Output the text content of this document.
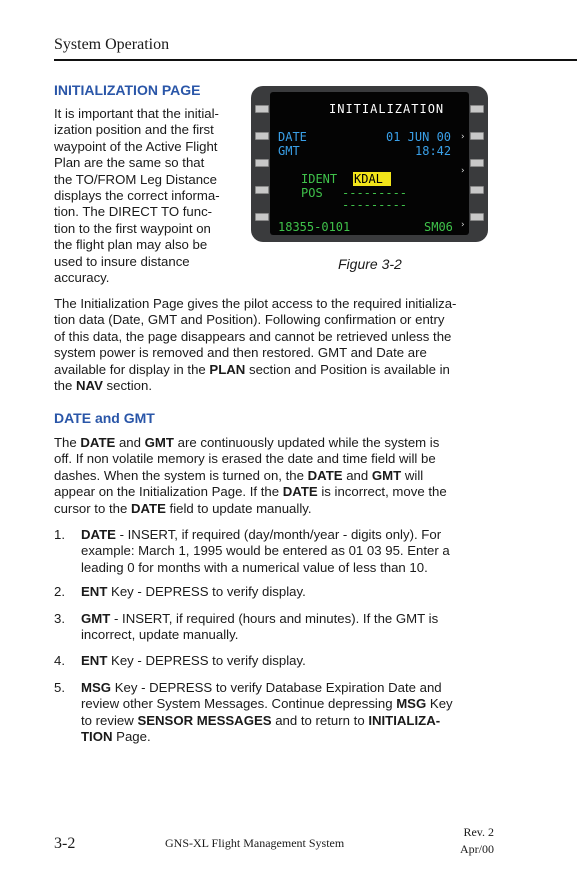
System Operation
INITIALIZATION PAGE
It is important that the initial-
ization position and the first
waypoint of the Active Flight
Plan are the same so that
the TO/FROM Leg Distance
displays the correct informa-
tion. The DIRECT TO func-
tion to the first waypoint on
the flight plan may also be
used to insure distance
accuracy.
INITIALIZATION
DATE	01 JUN 00
GMT	18:42
IDENT KDAL
POS ---------
---------
18355-0101	SM06
›
›
›
Figure 3-2
The Initialization Page gives the pilot access to the required initializa-
tion data (Date, GMT and Position). Following confirmation or entry
of this data, the page disappears and cannot be retrieved unless the
system power is removed and then restored. GMT and Date are
available for display in the PLAN section and Position is available in
the NAV section.
DATE and GMT
The DATE and GMT are continuously updated while the system is
off. If non volatile memory is erased the date and time field will be
dashes. When the system is turned on, the DATE and GMT will
appear on the Initialization Page. If the DATE is incorrect, move the
cursor to the DATE field to update manually.
1. DATE - INSERT, if required (day/month/year - digits only). For
example: March 1, 1995 would be entered as 01 03 95. Enter a
leading 0 for months with a numerical value of less than 10.
2. ENT Key - DEPRESS to verify display.
3. GMT - INSERT, if required (hours and minutes). If the GMT is
incorrect, update manually.
4. ENT Key - DEPRESS to verify display.
5. MSG Key - DEPRESS to verify Database Expiration Date and
review other System Messages. Continue depressing MSG Key
to review SENSOR MESSAGES and to return to INITIALIZA-
TION Page.
3-2	GNS-XL Flight Management System
Rev. 2
Apr/00
